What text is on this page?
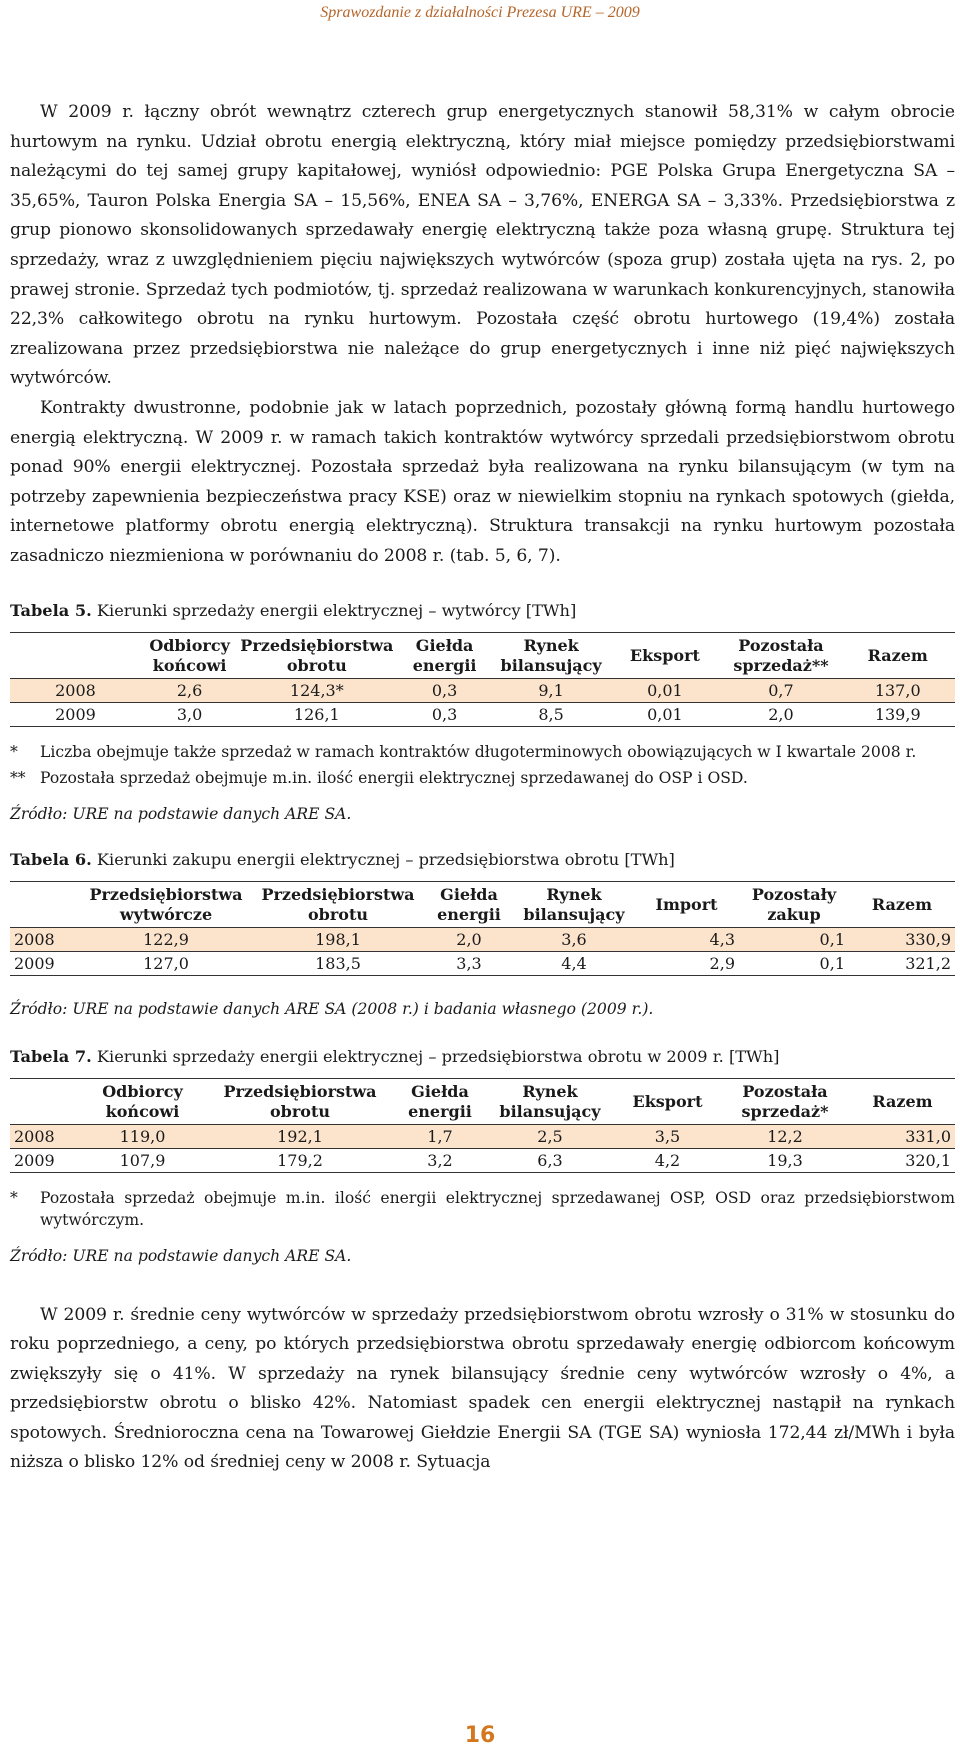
Sprawozdanie z działalności Prezesa URE – 2009

W 2009 r. łączny obrót wewnątrz czterech grup energetycznych stanowił 58,31% w całym obrocie hurtowym na rynku. Udział obrotu energią elektryczną, który miał miejsce pomiędzy przedsiębiorstwami należącymi do tej samej grupy kapitałowej, wyniósł odpowiednio: PGE Polska Grupa Energetyczna SA – 35,65%, Tauron Polska Energia SA – 15,56%, ENEA SA – 3,76%, ENERGA SA – 3,33%. Przedsiębiorstwa z grup pionowo skonsolidowanych sprzedawały energię elektryczną także poza własną grupę. Struktura tej sprzedaży, wraz z uwzględnieniem pięciu największych wytwórców (spoza grup) została ujęta na rys. 2, po prawej stronie. Sprzedaż tych podmiotów, tj. sprzedaż realizowana w warunkach konkurencyjnych, stanowiła 22,3% całkowitego obrotu na rynku hurtowym. Pozostała część obrotu hurtowego (19,4%) została zrealizowana przez przedsiębiorstwa nie należące do grup energetycznych i inne niż pięć największych wytwórców.

Kontrakty dwustronne, podobnie jak w latach poprzednich, pozostały główną formą handlu hurtowego energią elektryczną. W 2009 r. w ramach takich kontraktów wytwórcy sprzedali przedsiębiorstwom obrotu ponad 90% energii elektrycznej. Pozostała sprzedaż była realizowana na rynku bilansującym (w tym na potrzeby zapewnienia bezpieczeństwa pracy KSE) oraz w niewielkim stopniu na rynkach spotowych (giełda, internetowe platformy obrotu energią elektryczną). Struktura transakcji na rynku hurtowym pozostała zasadniczo niezmieniona w porównaniu do 2008 r. (tab. 5, 6, 7).

Tabela 5. Kierunki sprzedaży energii elektrycznej – wytwórcy [TWh]

	Odbiorcy końcowi	Przedsiębiorstwa obrotu	Giełda energii	Rynek bilansujący	Eksport	Pozostała sprzedaż**	Razem
2008	2,6	124,3*	0,3	9,1	0,01	0,7	137,0
2009	3,0	126,1	0,3	8,5	0,01	2,0	139,9
*	Liczba obejmuje także sprzedaż w ramach kontraktów długoterminowych obowiązujących w I kwartale 2008 r.
** Pozostała sprzedaż obejmuje m.in. ilość energii elektrycznej sprzedawanej do OSP i OSD.

Źródło: URE na podstawie danych ARE SA.

Tabela 6. Kierunki zakupu energii elektrycznej – przedsiębiorstwa obrotu [TWh]

	Przedsiębiorstwa wytwórcze	Przedsiębiorstwa obrotu	Giełda energii	Rynek bilansujący	Import	Pozostały zakup	Razem
2008	122,9	198,1	2,0	3,6	4,3	0,1	330,9
2009	127,0	183,5	3,3	4,4	2,9	0,1	321,2

Źródło: URE na podstawie danych ARE SA (2008 r.) i badania własnego (2009 r.).

Tabela 7. Kierunki sprzedaży energii elektrycznej – przedsiębiorstwa obrotu w 2009 r. [TWh]

	Odbiorcy końcowi	Przedsiębiorstwa obrotu	Giełda energii	Rynek bilansujący	Eksport	Pozostała sprzedaż*	Razem
2008	119,0	192,1	1,7	2,5	3,5	12,2	331,0
2009	107,9	179,2	3,2	6,3	4,2	19,3	320,1
*	Pozostała sprzedaż obejmuje m.in. ilość energii elektrycznej sprzedawanej OSP, OSD oraz przedsiębiorstwom wytwórczym.

Źródło: URE na podstawie danych ARE SA.

W 2009 r. średnie ceny wytwórców w sprzedaży przedsiębiorstwom obrotu wzrosły o 31% w stosunku do roku poprzedniego, a ceny, po których przedsiębiorstwa obrotu sprzedawały energię odbiorcom końcowym zwiększyły się o 41%. W sprzedaży na rynek bilansujący średnie ceny wytwórców wzrosły o 4%, a przedsiębiorstw obrotu o blisko 42%. Natomiast spadek cen energii elektrycznej nastąpił na rynkach spotowych. Średnioroczna cena na Towarowej Giełdzie Energii SA (TGE SA) wyniosła 172,44 zł/MWh i była niższa o blisko 12% od średniej ceny w 2008 r. Sytuacja

16
